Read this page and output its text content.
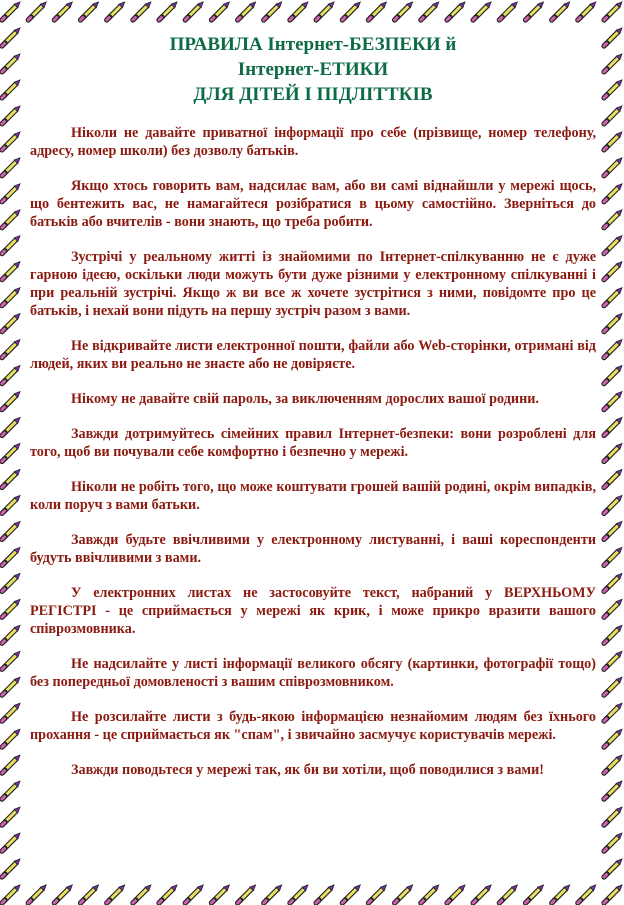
ПРАВИЛА Інтернет-БЕЗПЕКИ й
Інтернет-ЕТИКИ
ДЛЯ ДІТЕЙ І ПІДЛІТТКІВ

Ніколи не давайте приватної інформації про себе (прізвище, номер телефону, адресу, номер школи) без дозволу батьків.

Якщо хтось говорить вам, надсилає вам, або ви самі віднайшли у мережі щось, що бентежить вас, не намагайтеся розібратися в цьому самостійно. Зверніться до батьків або вчителів - вони знають, що треба робити.

Зустрічі у реальному житті із знайомими по Інтернет-спілкуванню не є дуже гарною ідеєю, оскільки люди можуть бути дуже різними у електронному спілкуванні і при реальній зустрічі. Якщо ж ви все ж хочете зустрітися з ними, повідомте про це батьків, і нехай вони підуть на першу зустріч разом з вами.

Не відкривайте листи електронної пошти, файли або Web-сторінки, отримані від людей, яких ви реально не знаєте або не довіряєте.

Нікому не давайте свій пароль, за виключенням дорослих вашої родини.

Завжди дотримуйтесь сімейних правил Інтернет-безпеки: вони розроблені для того, щоб ви почували себе комфортно і безпечно у мережі.

Ніколи не робіть того, що може коштувати грошей вашій родині, окрім випадків, коли поруч з вами батьки.

Завжди будьте ввічливими у електронному листуванні, і ваші кореспонденти будуть ввічливими з вами.

У електронних листах не застосовуйте текст, набраний у ВЕРХНЬОМУ РЕГІСТРІ - це сприймається у мережі як крик, і може прикро вразити вашого співрозмовника.

Не надсилайте у листі інформації великого обсягу (картинки, фотографії тощо) без попередньої домовленості з вашим співрозмовником.

Не розсилайте листи з будь-якою інформацією незнайомим людям без їхнього прохання - це сприймається як "спам", і звичайно засмучує користувачів мережі.

Завжди поводьтеся у мережі так, як би ви хотіли, щоб поводилися з вами!
